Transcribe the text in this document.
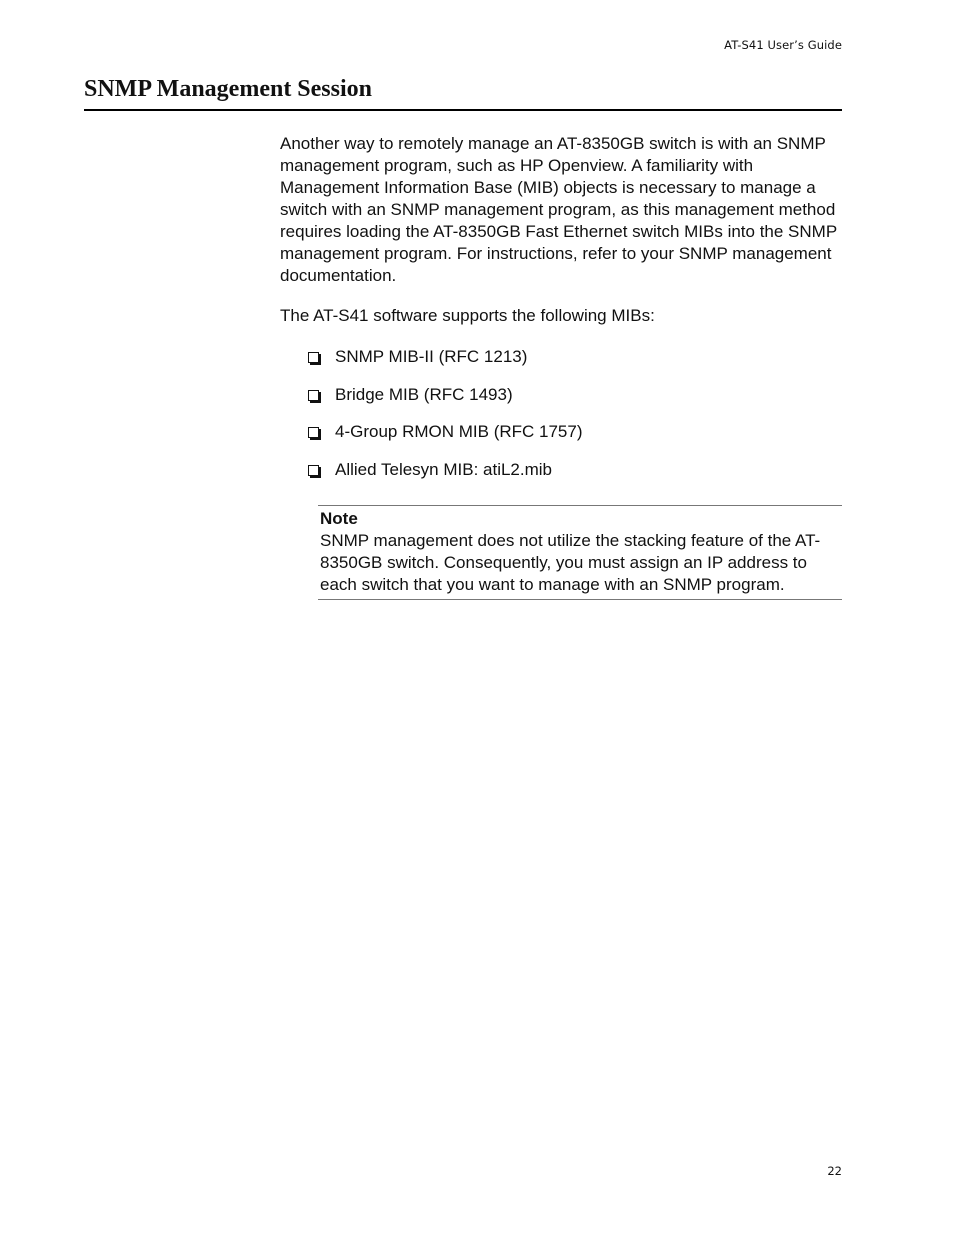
AT-S41 User’s Guide
SNMP Management Session

Another way to remotely manage an AT-8350GB switch is with an SNMP management program, such as HP Openview. A familiarity with Management Information Base (MIB) objects is necessary to manage a switch with an SNMP management program, as this management method requires loading the AT-8350GB Fast Ethernet switch MIBs into the SNMP management program. For instructions, refer to your SNMP management documentation.

The AT-S41 software supports the following MIBs:

SNMP MIB-II (RFC 1213)
Bridge MIB (RFC 1493)
4-Group RMON MIB (RFC 1757)
Allied Telesyn MIB: atiL2.mib

Note

SNMP management does not utilize the stacking feature of the AT-8350GB switch. Consequently, you must assign an IP address to each switch that you want to manage with an SNMP program.

22
